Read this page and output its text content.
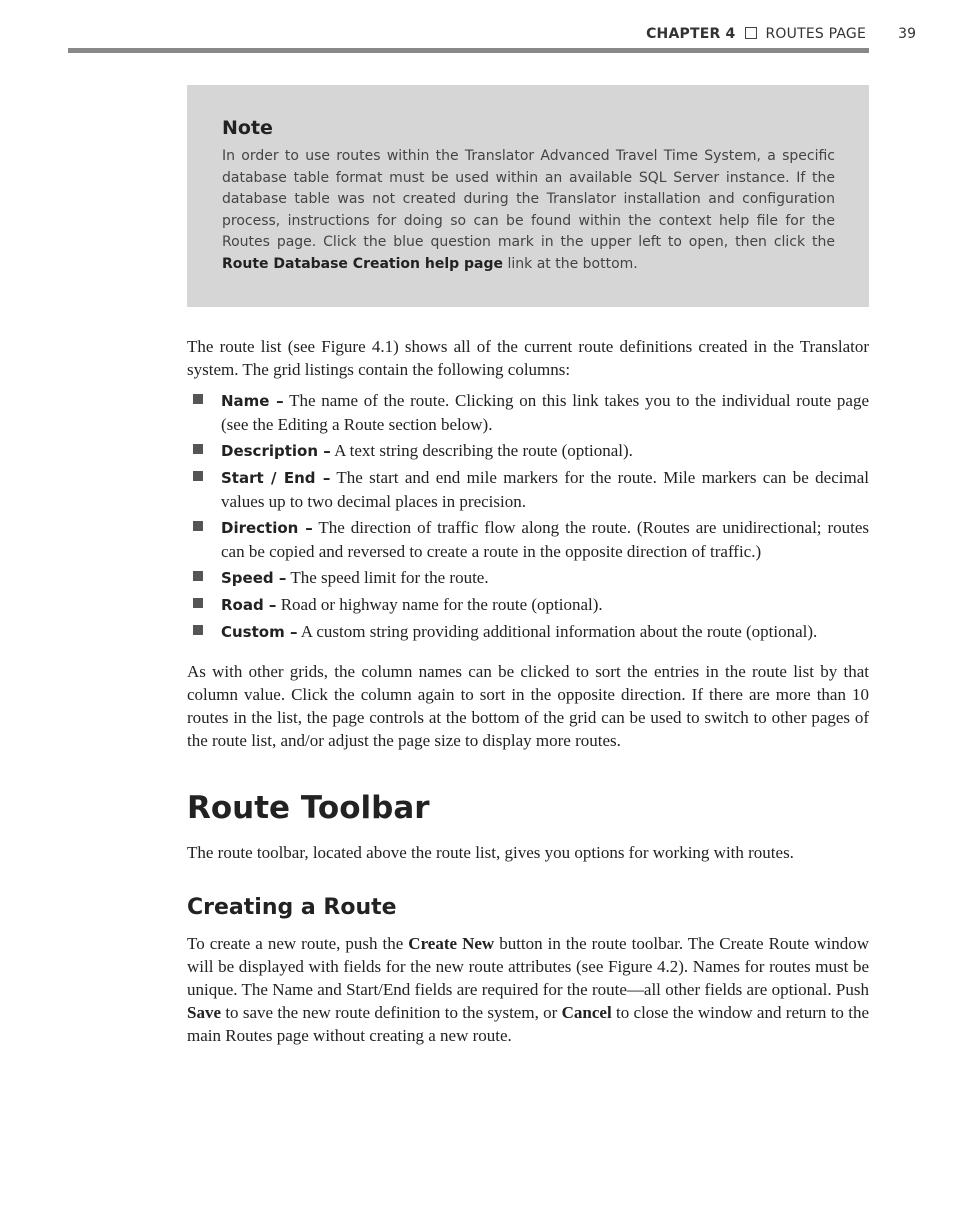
CHAPTER 4 ROUTES PAGE 39
Note

In order to use routes within the Translator Advanced Travel Time System, a specific database table format must be used within an available SQL Server instance. If the database table was not created during the Translator installation and configuration process, instructions for doing so can be found within the context help file for the Routes page. Click the blue question mark in the upper left to open, then click the Route Database Creation help page link at the bottom.

The route list (see Figure 4.1) shows all of the current route definitions created in the Translator system. The grid listings contain the following columns:

Name – The name of the route. Clicking on this link takes you to the individual route page (see the Editing a Route section below).
Description – A text string describing the route (optional).
Start / End – The start and end mile markers for the route. Mile markers can be decimal values up to two decimal places in precision.
Direction – The direction of traffic flow along the route. (Routes are unidirectional; routes can be copied and reversed to create a route in the opposite direction of traffic.)
Speed – The speed limit for the route.
Road – Road or highway name for the route (optional).
Custom – A custom string providing additional information about the route (optional).

As with other grids, the column names can be clicked to sort the entries in the route list by that column value. Click the column again to sort in the opposite direction. If there are more than 10 routes in the list, the page controls at the bottom of the grid can be used to switch to other pages of the route list, and/or adjust the page size to display more routes.

Route Toolbar

The route toolbar, located above the route list, gives you options for working with routes.

Creating a Route

To create a new route, push the Create New button in the route toolbar. The Create Route window will be displayed with fields for the new route attributes (see Figure 4.2). Names for routes must be unique. The Name and Start/End fields are required for the route—all other fields are optional. Push Save to save the new route definition to the system, or Cancel to close the window and return to the main Routes page without creating a new route.
